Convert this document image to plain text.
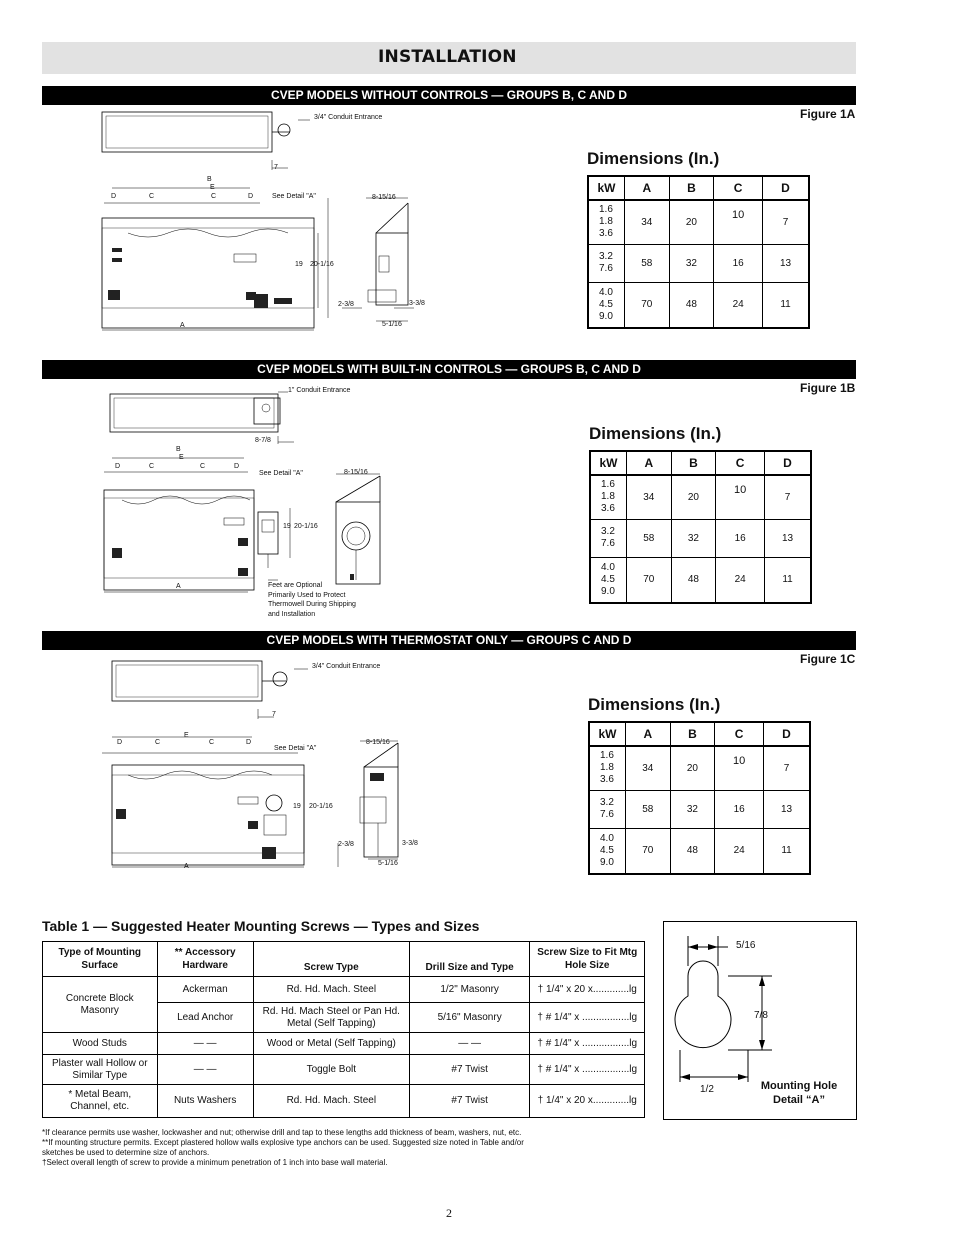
INSTALLATION
CVEP MODELS WITHOUT CONTROLS — GROUPS B, C AND D
Figure 1A
Dimensions (In.)
kW	A	B	C	D
1.6
1.8
3.6	34	20	10	7
3.2
7.6	58	32	16	13
4.0
4.5
9.0	70	48	24	11
3/4" Conduit Entrance
7
B
E
D	C	C	D	See Detail "A"
19 20-1/16
8-15/16
A
2-3/8	3-3/8
5-1/16
CVEP MODELS WITH BUILT-IN CONTROLS — GROUPS B, C AND D
Figure 1B
Dimensions (In.)
kW	A	B	C	D
1.6
1.8
3.6	34	20	10	7
3.2
7.6	58	32	16	13
4.0
4.5
9.0	70	48	24	11
1" Conduit Entrance
8-7/8
B
E
D	C	C	D
See Detail "A"	8-15/16
19 20-1/16
A	Feet are Optional
Primarily Used to Protect
Thermowell During Shipping
and Installation
CVEP MODELS WITH THERMOSTAT ONLY — GROUPS C AND D
Figure 1C
Dimensions (In.)
kW	A	B	C	D
1.6
1.8
3.6	34	20	10	7
3.2
7.6	58	32	16	13
4.0
4.5
9.0	70	48	24	11
3/4" Conduit Entrance
7
E
D	C	C	D
See Detai "A"
8-15/16
19 20-1/16
A
2-3/8	3-3/8
5-1/16
Table 1 — Suggested Heater Mounting Screws — Types and Sizes
Type of Mounting Surface	** Accessory Hardware	Screw Type	Drill Size and Type	Screw Size to Fit Mtg Hole Size
Concrete Block Masonry	Ackerman	Rd. Hd. Mach. Steel	1/2" Masonry	† 1/4" x 20 x.............lg
	Lead Anchor	Rd. Hd. Mach Steel or Pan Hd. Metal (Self Tapping)	5/16" Masonry	† # 1/4" x .................lg
Wood Studs	— —	Wood or Metal (Self Tapping)	— —	† # 1/4" x .................lg
Plaster wall Hollow or Similar Type	— —	Toggle Bolt	#7 Twist	† # 1/4" x .................lg
* Metal Beam, Channel, etc.	Nuts Washers	Rd. Hd. Mach. Steel	#7 Twist	† 1/4" x 20 x.............lg
*If clearance permits use washer, lockwasher and nut; otherwise drill and tap to these lengths add thickness of beam, washers, nut, etc.
**If mounting structure permits. Except plastered hollow walls explosive type anchors can be used. Suggested size noted in Table and/or
sketches be used to determine size of anchors.
†Select overall length of screw to provide a minimum penetration of 1 inch into base wall material.
5/16
7/8
1/2	Mounting Hole
Detail “A”
2
